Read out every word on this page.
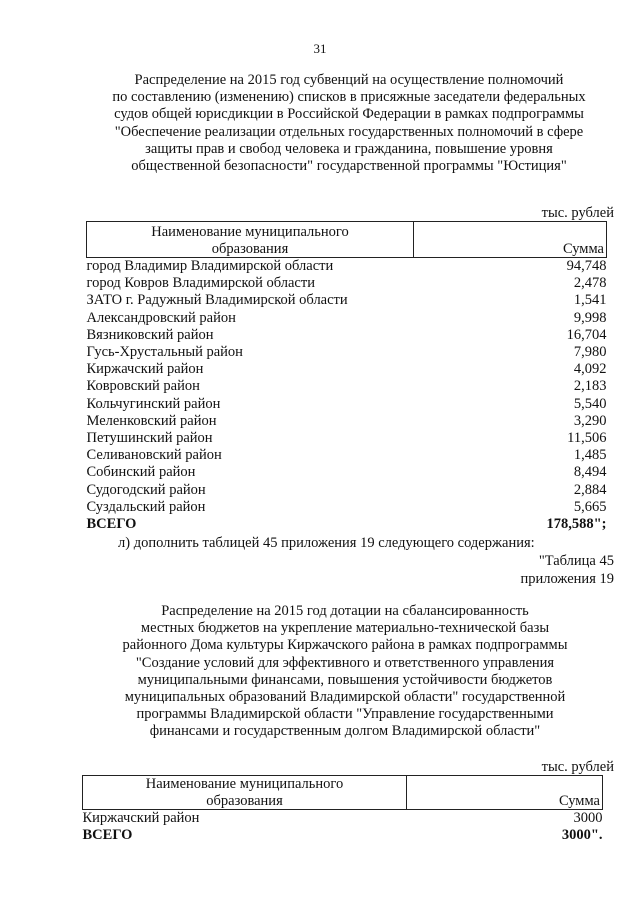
31
Распределение на 2015 год субвенций на осуществление полномочий
по составлению (изменению) списков в присяжные заседатели федеральных
судов общей юрисдикции в Российской Федерации в рамках подпрограммы
"Обеспечение реализации отдельных государственных полномочий в сфере
защиты прав и свобод человека и гражданина, повышение уровня
общественной безопасности" государственной программы "Юстиция"
тыс. рублей
Наименование муниципального
образования	Сумма
город Владимир Владимирской области	94,748
город Ковров Владимирской области	2,478
ЗАТО г. Радужный Владимирской области	1,541
Александровский район	9,998
Вязниковский район	16,704
Гусь-Хрустальный район	7,980
Киржачский район	4,092
Ковровский район	2,183
Кольчугинский район	5,540
Меленковский район	3,290
Петушинский район	11,506
Селивановский район	1,485
Собинский район	8,494
Судогодский район	2,884
Суздальский район	5,665
ВСЕГО	178,588";
л) дополнить таблицей 45 приложения 19 следующего содержания:
"Таблица 45
приложения 19
Распределение на 2015 год дотации на сбалансированность
местных бюджетов на укрепление материально-технической базы
районного Дома культуры Киржачского района в рамках подпрограммы
"Создание условий для эффективного и ответственного управления
муниципальными финансами, повышения устойчивости бюджетов
муниципальных образований Владимирской области" государственной
программы Владимирской области "Управление государственными
финансами и государственным долгом Владимирской области"
тыс. рублей
Наименование муниципального
образования	Сумма
Киржачский район	3000
ВСЕГО	3000".
